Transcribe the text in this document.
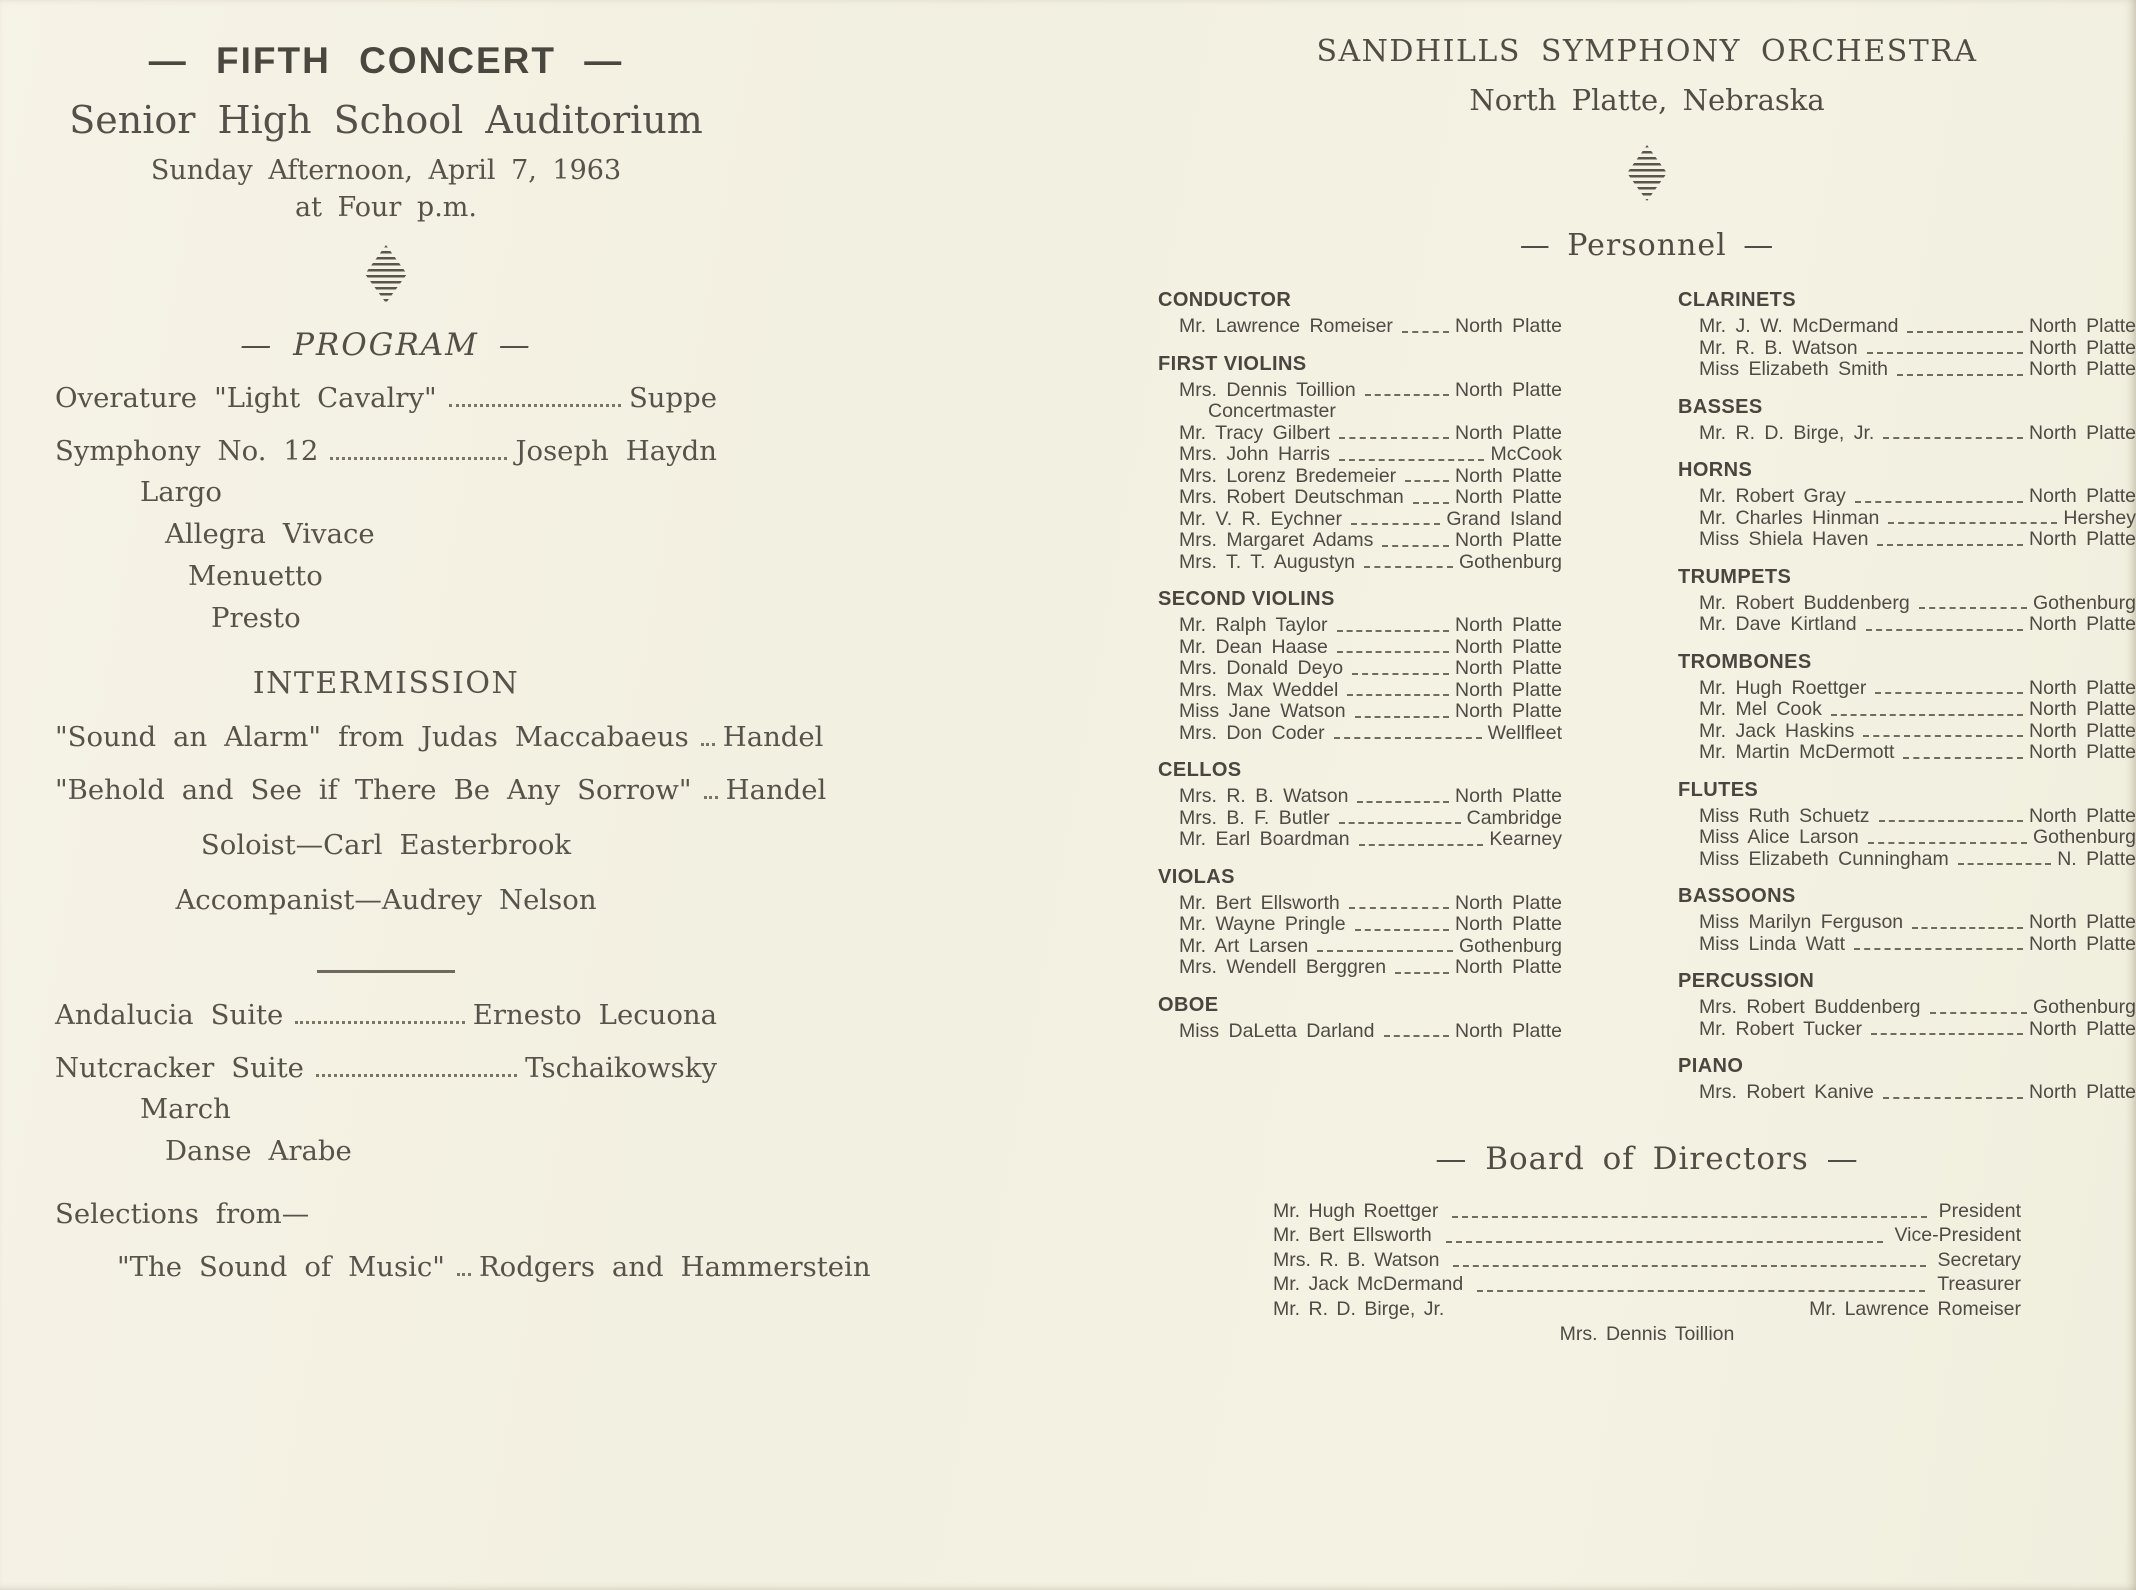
— FIFTH CONCERT —
Senior High School Auditorium
Sunday Afternoon, April 7, 1963
at Four p.m.
— PROGRAM —
Overature "Light Cavalry"	Suppe
Symphony No. 12	Joseph Haydn
Largo
Allegra Vivace
Menuetto
Presto
INTERMISSION
"Sound an Alarm" from Judas Maccabaeus Handel
"Behold and See if There Be Any Sorrow" Handel
Soloist—Carl Easterbrook
Accompanist—Audrey Nelson
Andalucia Suite	Ernesto Lecuona
Nutcracker Suite	Tschaikowsky
March
Danse Arabe
Selections from—
"The Sound of Music" Rodgers and Hammerstein
SANDHILLS SYMPHONY ORCHESTRA
North Platte, Nebraska
— Personnel —
CONDUCTOR
Mr. Lawrence Romeiser	North Platte
FIRST VIOLINS
Mrs. Dennis Toillion	North Platte
Concertmaster
Mr. Tracy Gilbert	North Platte
Mrs. John Harris	McCook
Mrs. Lorenz Bredemeier	North Platte
Mrs. Robert Deutschman	North Platte
Mr. V. R. Eychner	Grand Island
Mrs. Margaret Adams	North Platte
Mrs. T. T. Augustyn	Gothenburg
SECOND VIOLINS
Mr. Ralph Taylor	North Platte
Mr. Dean Haase	North Platte
Mrs. Donald Deyo	North Platte
Mrs. Max Weddel	North Platte
Miss Jane Watson	North Platte
Mrs. Don Coder	Wellfleet
CELLOS
Mrs. R. B. Watson	North Platte
Mrs. B. F. Butler	Cambridge
Mr. Earl Boardman	Kearney
VIOLAS
Mr. Bert Ellsworth	North Platte
Mr. Wayne Pringle	North Platte
Mr. Art Larsen	Gothenburg
Mrs. Wendell Berggren	North Platte
OBOE
Miss DaLetta Darland	North Platte
CLARINETS
Mr. J. W. McDermand	North Platte
Mr. R. B. Watson	North Platte
Miss Elizabeth Smith	North Platte
BASSES
Mr. R. D. Birge, Jr.	North Platte
HORNS
Mr. Robert Gray	North Platte
Mr. Charles Hinman	Hershey
Miss Shiela Haven	North Platte
TRUMPETS
Mr. Robert Buddenberg	Gothenburg
Mr. Dave Kirtland	North Platte
TROMBONES
Mr. Hugh Roettger	North Platte
Mr. Mel Cook	North Platte
Mr. Jack Haskins	North Platte
Mr. Martin McDermott	North Platte
FLUTES
Miss Ruth Schuetz	North Platte
Miss Alice Larson	Gothenburg
Miss Elizabeth Cunningham	N. Platte
BASSOONS
Miss Marilyn Ferguson	North Platte
Miss Linda Watt	North Platte
PERCUSSION
Mrs. Robert Buddenberg	Gothenburg
Mr. Robert Tucker	North Platte
PIANO
Mrs. Robert Kanive	North Platte
— Board of Directors —
Mr. Hugh Roettger	President
Mr. Bert Ellsworth	Vice-President
Mrs. R. B. Watson	Secretary
Mr. Jack McDermand	Treasurer
Mr. R. D. Birge, Jr.	Mr. Lawrence Romeiser
Mrs. Dennis Toillion
